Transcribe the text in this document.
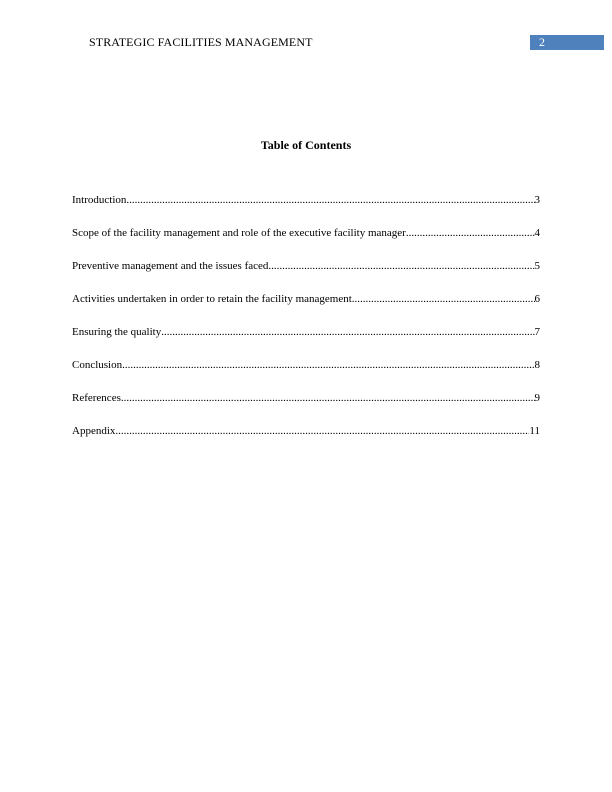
STRATEGIC FACILITIES MANAGEMENT	2
Table of Contents
Introduction .....	3
Scope of the facility management and role of the executive facility manager .....	4
Preventive management and the issues faced .....	5
Activities undertaken in order to retain the facility management .....	6
Ensuring the quality .....	7
Conclusion .....	8
References .....	9
Appendix .....	11
